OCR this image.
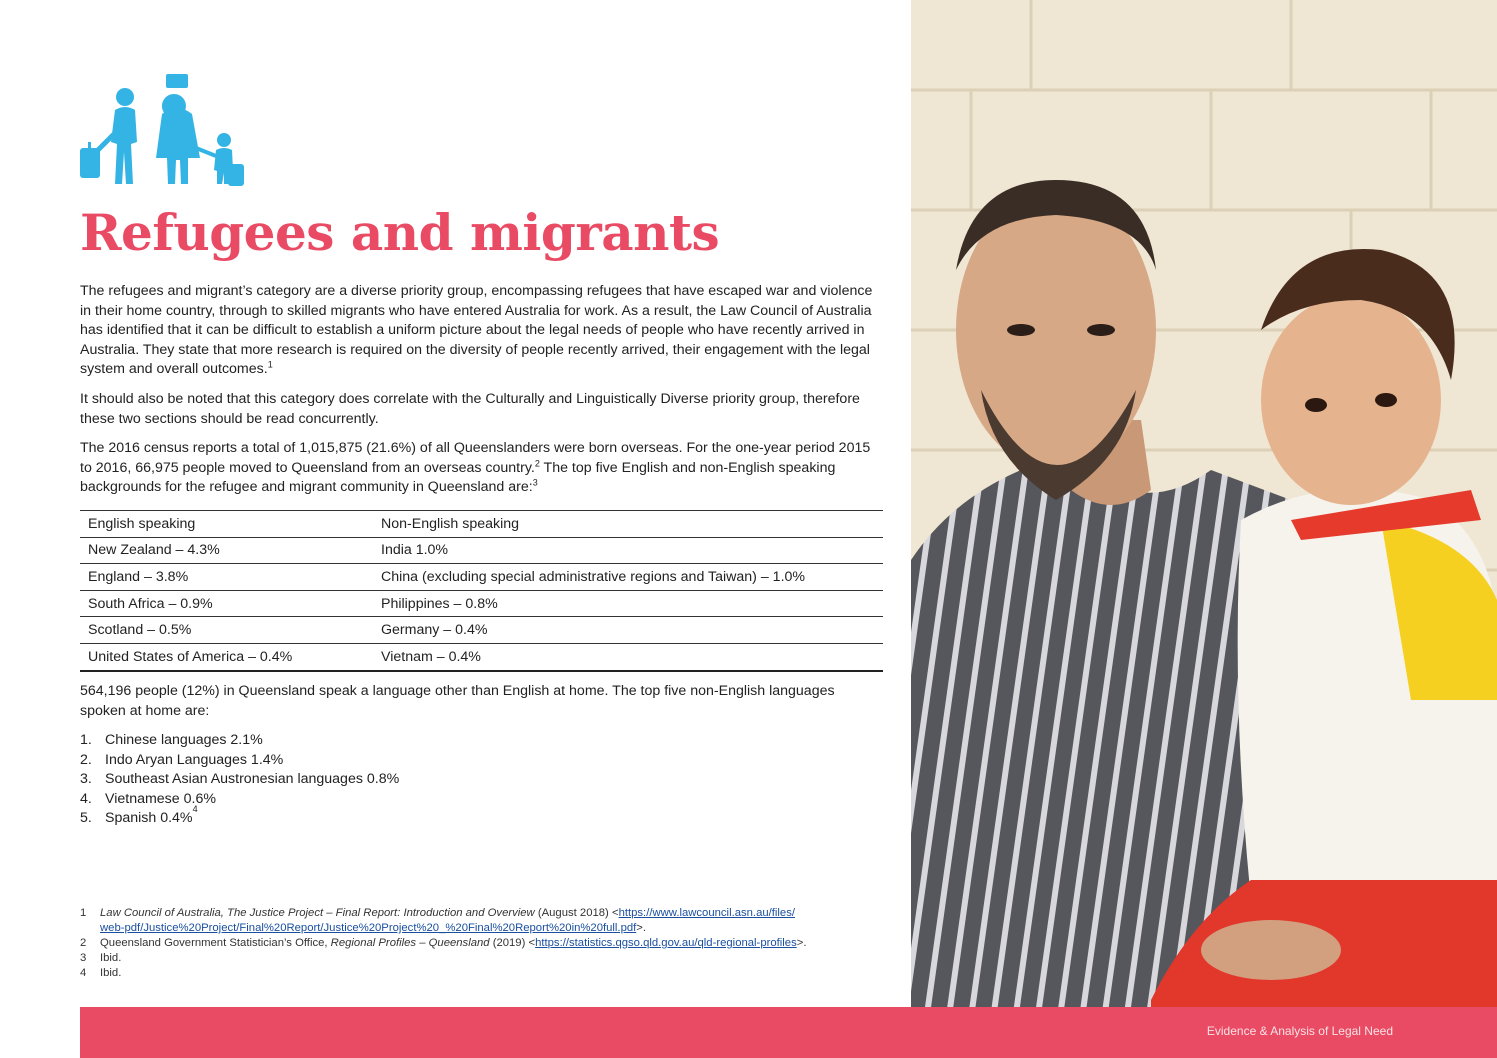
Refugees and migrants

The refugees and migrant’s category are a diverse priority group, encompassing refugees that have escaped war and violence in their home country, through to skilled migrants who have entered Australia for work. As a result, the Law Council of Australia has identified that it can be difficult to establish a uniform picture about the legal needs of people who have recently arrived in Australia. They state that more research is required on the diversity of people recently arrived, their engagement with the legal system and overall outcomes.$^1$

It should also be noted that this category does correlate with the Culturally and Linguistically Diverse priority group, therefore these two sections should be read concurrently.

The 2016 census reports a total of 1,015,875 (21.6%) of all Queenslanders were born overseas. For the one-year period 2015 to 2016, 66,975 people moved to Queensland from an overseas country.$^2$ The top five English and non-English speaking backgrounds for the refugee and migrant community in Queensland are:$^3$

English speaking	Non-English speaking
New Zealand – 4.3%	India 1.0%
England – 3.8%	China (excluding special administrative regions and Taiwan) – 1.0%
South Africa – 0.9%	Philippines – 0.8%
Scotland – 0.5%	Germany – 0.4%
United States of America – 0.4%	Vietnam – 0.4%

564,196 people (12%) in Queensland speak a language other than English at home. The top five non-English languages spoken at home are:

1. Chinese languages 2.1%
2. Indo Aryan Languages 1.4%
3. Southeast Asian Austronesian languages 0.8%
4. Vietnamese 0.6%
5. Spanish 0.4%
4
1	Law Council of Australia, The Justice Project – Final Report: Introduction and Overview (August 2018) <https://www.lawcouncil.asn.au/files/
web-pdf/Justice%20Project/Final%20Report/Justice%20Project%20_%20Final%20Report%20in%20full.pdf>.
2	Queensland Government Statistician’s Office, Regional Profiles – Queensland (2019) <https://statistics.qgso.qld.gov.au/qld-regional-profiles>.
3	Ibid.
4	Ibid.
Evidence & Analysis of Legal Need
